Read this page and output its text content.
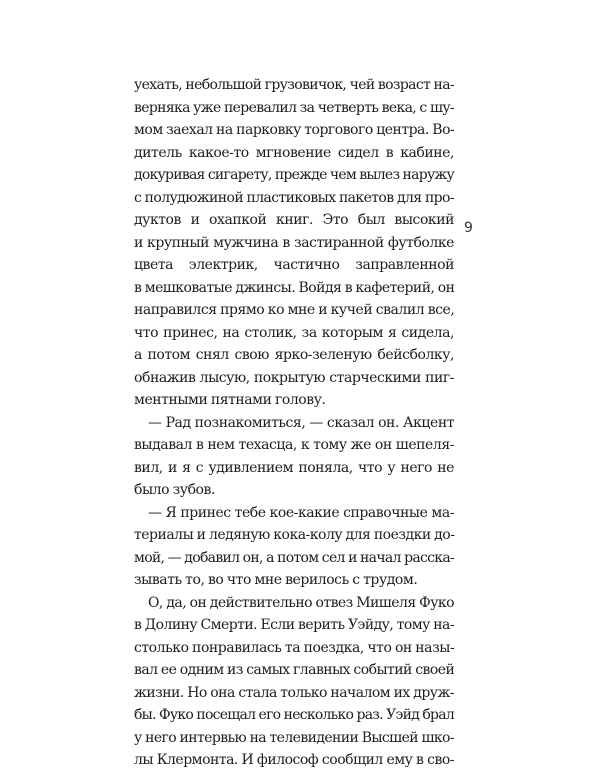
9
уехать, небольшой грузовичок, чей возраст на-
верняка уже перевалил за четверть века, с шу-
мом заехал на парковку торгового центра. Во-
дитель какое-то мгновение сидел в кабине,
докуривая сигарету, прежде чем вылез наружу
с полудюжиной пластиковых пакетов для про-
дуктов и охапкой книг. Это был высокий
и крупный мужчина в застиранной футболке
цвета электрик, частично заправленной
в мешковатые джинсы. Войдя в кафетерий, он
направился прямо ко мне и кучей свалил все,
что принес, на столик, за которым я сидела,
а потом снял свою ярко-зеленую бейсболку,
обнажив лысую, покрытую старческими пиг-
ментными пятнами голову.
— Рад познакомиться, — сказал он. Акцент
выдавал в нем техасца, к тому же он шепеля-
вил, и я с удивлением поняла, что у него не
было зубов.
— Я принес тебе кое-какие справочные ма-
териалы и ледяную кока-колу для поездки до-
мой, — добавил он, а потом сел и начал расска-
зывать то, во что мне верилось с трудом.
О, да, он действительно отвез Мишеля Фуко
в Долину Смерти. Если верить Уэйду, тому на-
столько понравилась та поездка, что он назы-
вал ее одним из самых главных событий своей
жизни. Но она стала только началом их друж-
бы. Фуко посещал его несколько раз. Уэйд брал
у него интервью на телевидении Высшей шко-
лы Клермонта. И философ сообщил ему в сво-
